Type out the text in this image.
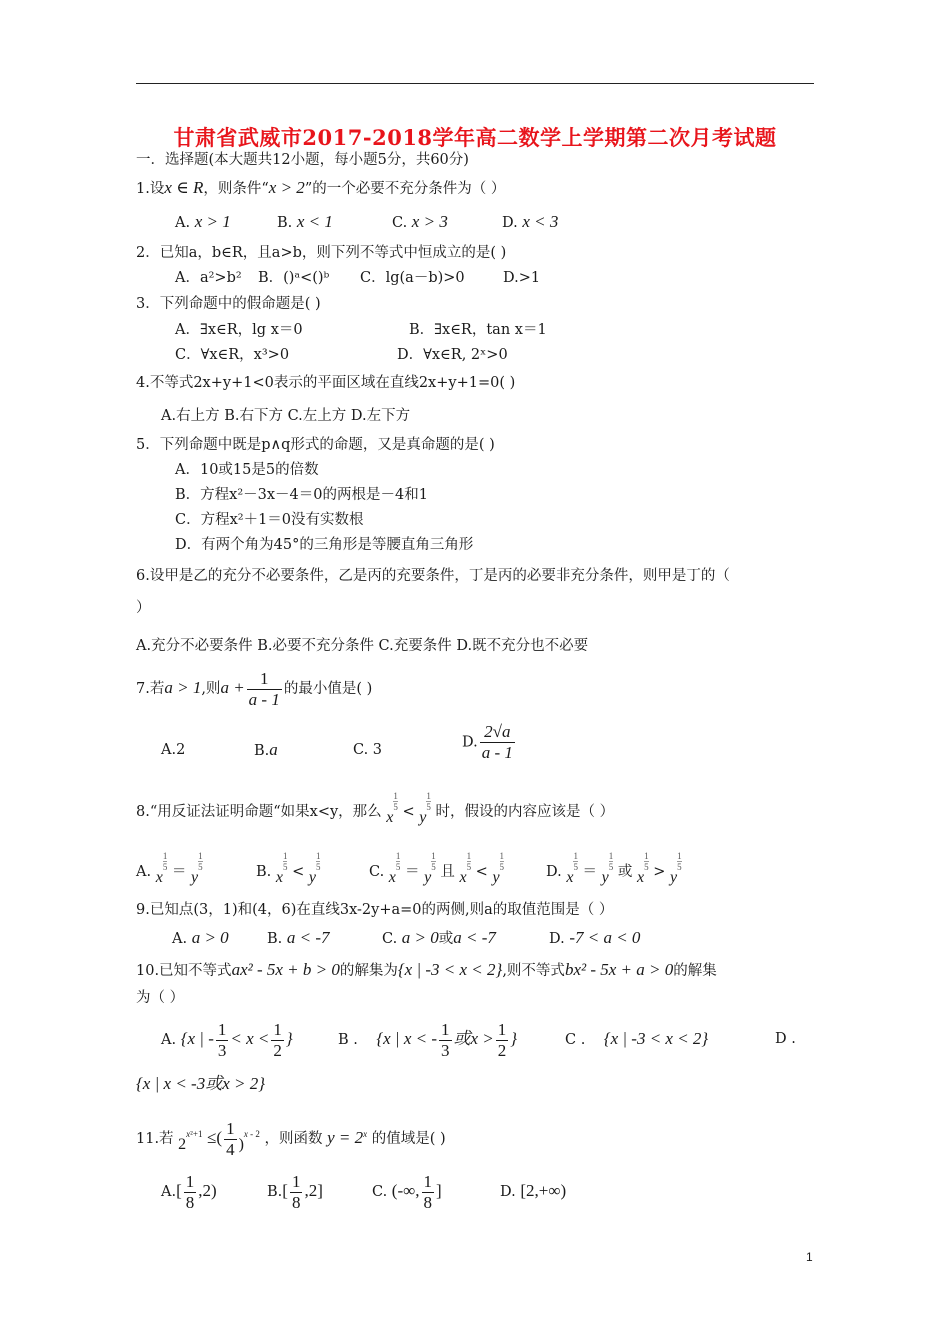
甘肃省武威市2017-2018学年高二数学上学期第二次月考试题
一．选择题(本大题共12小题，每小题5分，共60分)
1.设x ∈ R，则条件“x > 2”的一个必要不充分条件为（ ）
A. x > 1	B. x < 1	C. x > 3	D. x < 3
2．已知a，b∈R，且a>b，则下列不等式中恒成立的是( )
A．a²>b² B．()ᵃ<()ᵇ C．lg(a－b)>0	D.>1
3．下列命题中的假命题是( )
A．∃x∈R，lg x＝0	B．∃x∈R，tan x＝1
C．∀x∈R，x³>0	D．∀x∈R, 2ˣ>0
4.不等式2x+y+1<0表示的平面区域在直线2x+y+1=0( )
A.右上方 B.右下方 C.左上方 D.左下方
5．下列命题中既是p∧q形式的命题，又是真命题的是( )
A．10或15是5的倍数
B．方程x²－3x－4＝0的两根是－4和1
C．方程x²＋1＝0没有实数根
D．有两个角为45°的三角形是等腰直角三角形
6.设甲是乙的充分不必要条件，乙是丙的充要条件，丁是丙的必要非充分条件，则甲是丁的（
）
A.充分不必要条件 B.必要不充分条件 C.充要条件 D.既不充分也不必要
7.若a > 1,则$a + \frac{1}{a - 1}$ 的最小值是( )
A.2	B.a	C. 3	D. $\frac{2√a}{a - 1}$
8.“用反证法证明命题“如果x<y，那么 x
$\frac{1}{5} < y$
$\frac{1}{5}$ 时，假设的内容应该是（ ）
A. x
$\frac{1}{5} = y$
$\frac{1}{5}$	B. x
$\frac{1}{5} < y$
$\frac{1}{5}$	C. x
$\frac{1}{5} = y$
$\frac{1}{5}$ 且 x
$\frac{1}{5} < y$
$\frac{1}{5}$	D. x
$\frac{1}{5} = y$
$\frac{1}{5}$ 或 x
$\frac{1}{5} > y$
$\frac{1}{5}$
9.已知点(3，1)和(4，6)在直线3x-2y+a=0的两侧,则a的取值范围是（ ）
A. a > 0	B. a < -7	C. a > 0或a < -7	D. -7 < a < 0
10.已知不等式ax² - 5x + b > 0的解集为{x | -3 < x < 2},则不等式bx² - 5x + a > 0的解集
为（ ）
A. {x | - $\frac{1}{3} < x < \frac{1}{2}$ }	B . {x | x < - $\frac{1}{3}$ 或$x > \frac{1}{2}$ }	C . {x | -3 < x < 2}	D .
{x | x < -3或x > 2}
11.若 $2^{x^2+1}$ ≤( $\frac{1}{4} )^{x - 2}$ ，则函数 $y = 2^x$ 的值域是( )
$A.[ \frac{1}{8} ,2)$	$B.[ \frac{1}{8} ,2]$	C. (-∞, $\frac{1}{8}$ ]	D. [2,+∞)
1
